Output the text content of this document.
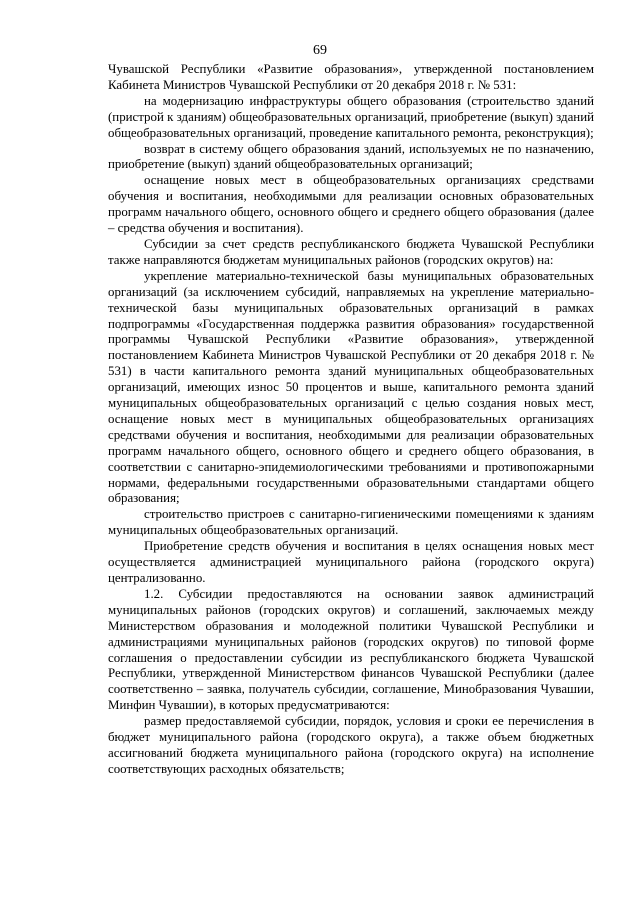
69

Чувашской Республики «Развитие образования», утвержденной постановлением Кабинета Министров Чувашской Республики от 20 декабря 2018 г. № 531:

на модернизацию инфраструктуры общего образования (строительство зданий (пристрой к зданиям) общеобразовательных организаций, приобретение (выкуп) зданий общеобразовательных организаций, проведение капитального ремонта, реконструкция);

возврат в систему общего образования зданий, используемых не по назначению, приобретение (выкуп) зданий общеобразовательных организаций;

оснащение новых мест в общеобразовательных организациях средствами обучения и воспитания, необходимыми для реализации основных образовательных программ начального общего, основного общего и среднего общего образования (далее – средства обучения и воспитания).

Субсидии за счет средств республиканского бюджета Чувашской Республики также направляются бюджетам муниципальных районов (городских округов) на:

укрепление материально-технической базы муниципальных образовательных организаций (за исключением субсидий, направляемых на укрепление материально-технической базы муниципальных образовательных организаций в рамках подпрограммы «Государственная поддержка развития образования» государственной программы Чувашской Республики «Развитие образования», утвержденной постановлением Кабинета Министров Чувашской Республики от 20 декабря 2018 г. № 531) в части капитального ремонта зданий муниципальных общеобразовательных организаций, имеющих износ 50 процентов и выше, капитального ремонта зданий муниципальных общеобразовательных организаций с целью создания новых мест, оснащение новых мест в муниципальных общеобразовательных организациях средствами обучения и воспитания, необходимыми для реализации образовательных программ начального общего, основного общего и среднего общего образования, в соответствии с санитарно-эпидемиологическими требованиями и противопожарными нормами, федеральными государственными образовательными стандартами общего образования;

строительство пристроев с санитарно-гигиеническими помещениями к зданиям муниципальных общеобразовательных организаций.

Приобретение средств обучения и воспитания в целях оснащения новых мест осуществляется администрацией муниципального района (городского округа) централизованно.

1.2. Субсидии предоставляются на основании заявок администраций муниципальных районов (городских округов) и соглашений, заключаемых между Министерством образования и молодежной политики Чувашской Республики и администрациями муниципальных районов (городских округов) по типовой форме соглашения о предоставлении субсидии из республиканского бюджета Чувашской Республики, утвержденной Министерством финансов Чувашской Республики (далее соответственно – заявка, получатель субсидии, соглашение, Минобразования Чувашии, Минфин Чувашии), в которых предусматриваются:

размер предоставляемой субсидии, порядок, условия и сроки ее перечисления в бюджет муниципального района (городского округа), а также объем бюджетных ассигнований бюджета муниципального района (городского округа) на исполнение соответствующих расходных обязательств;
